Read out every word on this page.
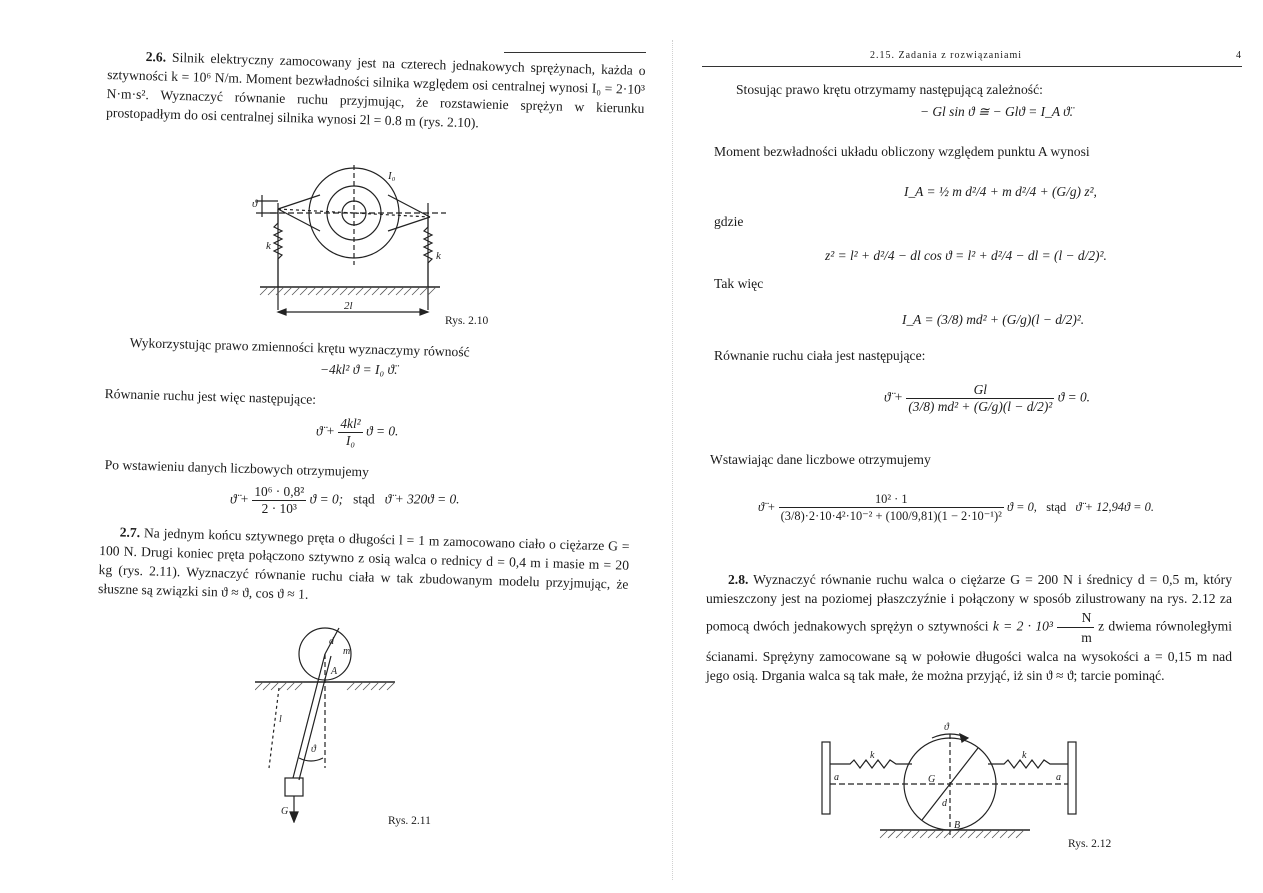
2.6. Silnik elektryczny zamocowany jest na czterech jednakowych sprężynach, każda o sztywności k = 10⁶ N/m. Moment bezwładności silnika względem osi centralnej wynosi I₀ = 2·10³ N·m·s². Wyznaczyć równanie ruchu przyjmując, że rozstawienie sprężyn w kierunku prostopadłym do osi centralnej silnika wynosi 2l = 0.8 m (rys. 2.10).

ϑ
I₀
k
k
2l
Rys. 2.10

Wykorzystując prawo zmienności krętu wyznaczymy równość

−4kl² ϑ = I₀ ϑ̈.

Równanie ruchu jest więc następujące:

ϑ̈ + $\frac{\text{4kl²}}{\text{I₀}}$ ϑ = 0.

Po wstawieniu danych liczbowych otrzymujemy

ϑ̈ + $\frac{\text{10⁶ · 0,8²}}{\text{2 · 10³}}$ ϑ = 0; stąd ϑ̈ + 320ϑ = 0.

2.7. Na jednym końcu sztywnego pręta o długości l = 1 m zamocowano ciało o ciężarze G = 100 N. Drugi koniec pręta połączono sztywno z osią walca o rednicy d = 0,4 m i masie m = 20 kg (rys. 2.11). Wyznaczyć równanie ruchu ciała w tak zbudowanym modelu przyjmując, że słuszne są związki sin ϑ ≈ ϑ, cos ϑ ≈ 1.

d
m
A
l
ϑ
G
Rys. 2.11
2.15. Zadania z rozwiązaniami	4

Stosując prawo krętu otrzymamy następującą zależność:

− Gl sin ϑ ≅ − Glϑ = I_A ϑ̈.

Moment bezwładności układu obliczony względem punktu A wynosi

I_A = ½ m d²/4 + m d²/4 + (G/g) z²,

gdzie

z² = l² + d²/4 − dl cos ϑ = l² + d²/4 − dl = (l − d/2)².

Tak więc

I_A = (3/8) md² + (G/g)(l − d/2)².

Równanie ruchu ciała jest następujące:

ϑ̈ + $\frac{Gl}{\text{(3/8) md² + (G/g)(l − d/2)²}}$ ϑ = 0.

Wstawiając dane liczbowe otrzymujemy

ϑ̈ + $\frac{\text{10² · 1}}{\text{(3/8)·2·10·4²·10⁻² + (100/9,81)(1 − 2·10⁻¹)²}}$ ϑ = 0, stąd ϑ̈ + 12,94ϑ = 0.

2.8. Wyznaczyć równanie ruchu walca o ciężarze G = 200 N i średnicy d = 0,5 m, który umieszczony jest na poziomej płaszczyźnie i połączony w sposób zilustrowany na rys. 2.12 za pomocą dwóch jednakowych sprężyn o sztywności $k = 2 \cdot 10^3 \frac{N}{m}$ z dwiema równoległymi ścianami. Sprężyny zamocowane są w połowie długości walca na wysokości a = 0,15 m nad jego osią. Drgania walca są tak małe, że można przyjąć, iż sin ϑ ≈ ϑ; tarcie pominąć.

ϑ
k	k
a	a
G
d
B
Rys. 2.12
